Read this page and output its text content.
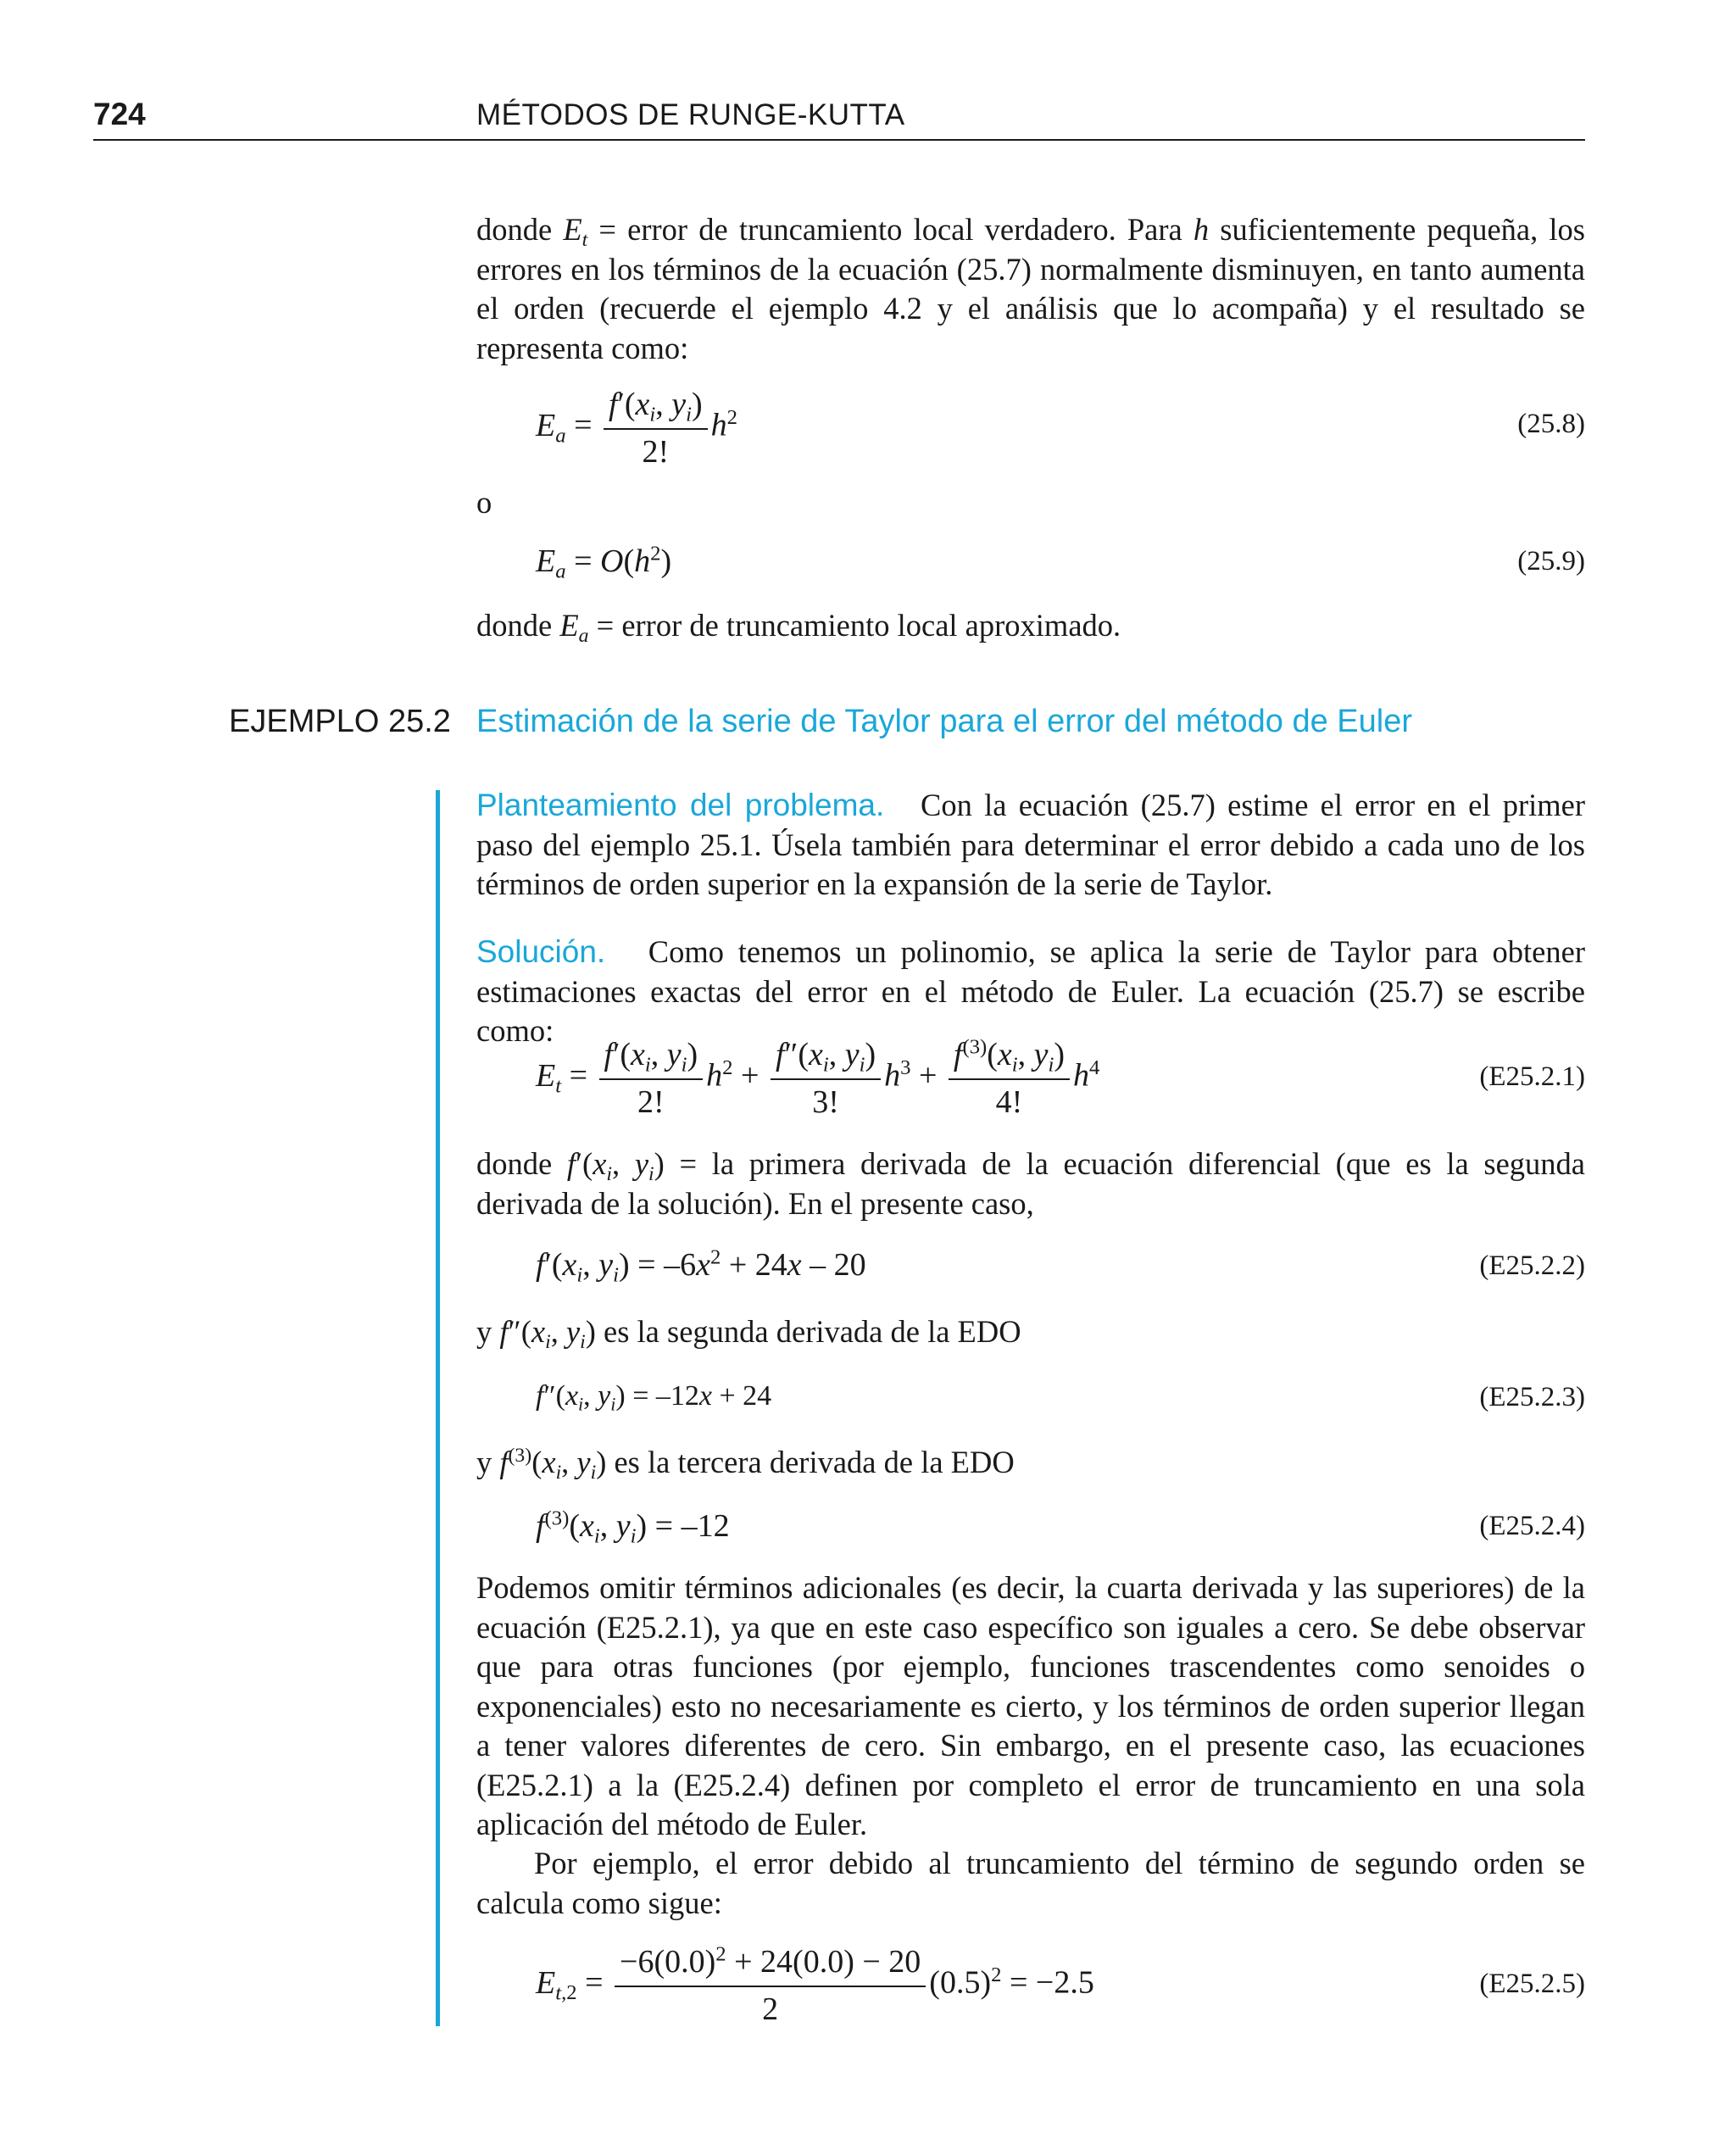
724	MÉTODOS DE RUNGE-KUTTA
donde $E_t$ = error de truncamiento local verdadero. Para h suficientemente pequeña, los errores en los términos de la ecuación (25.7) normalmente disminuyen, en tanto aumenta el orden (recuerde el ejemplo 4.2 y el análisis que lo acompaña) y el resultado se representa como:
$E_a = \frac{f'(x_i, y_i)}{2!} h^2$	(25.8)
o
$E_a = O(h^2)$	(25.9)
donde $E_a$ = error de truncamiento local aproximado.
EJEMPLO 25.2 Estimación de la serie de Taylor para el error del método de Euler
Planteamiento del problema. Con la ecuación (25.7) estime el error en el primer paso del ejemplo 25.1. Úsela también para determinar el error debido a cada uno de los términos de orden superior en la expansión de la serie de Taylor.
Solución. Como tenemos un polinomio, se aplica la serie de Taylor para obtener estimaciones exactas del error en el método de Euler. La ecuación (25.7) se escribe como:
$E_t = \frac{f'(x_i, y_i)}{2!} h^2 + \frac{f''(x_i, y_i)}{3!} h^3 + \frac{f^{(3)}(x_i, y_i)}{4!} h^4$	(E25.2.1)
donde $f'(x_i$, $y_i$) = la primera derivada de la ecuación diferencial (que es la segunda derivada de la solución). En el presente caso,
$f'(x_i$, $y_i) = -6x^2 + 24x - 20$	(E25.2.2)
y $f''(x_i$, $y_i$) es la segunda derivada de la EDO
$f''(x_i$, $y_i) = -12x + 24$	(E25.2.3)
y $f^{(3)}(x_i$, $y_i$) es la tercera derivada de la EDO
$f^{(3)}(x_i$, $y_i) = -12$	(E25.2.4)
Podemos omitir términos adicionales (es decir, la cuarta derivada y las superiores) de la ecuación (E25.2.1), ya que en este caso específico son iguales a cero. Se debe observar que para otras funciones (por ejemplo, funciones trascendentes como senoides o exponenciales) esto no necesariamente es cierto, y los términos de orden superior llegan a tener valores diferentes de cero. Sin embargo, en el presente caso, las ecuaciones (E25.2.1) a la (E25.2.4) definen por completo el error de truncamiento en una sola aplicación del método de Euler.
Por ejemplo, el error debido al truncamiento del término de segundo orden se calcula como sigue:
$E_{t,2} = \frac{-6(0.0)^2 + 24(0.0) - 20}{2} (0.5)^2 = -2.5$	(E25.2.5)
